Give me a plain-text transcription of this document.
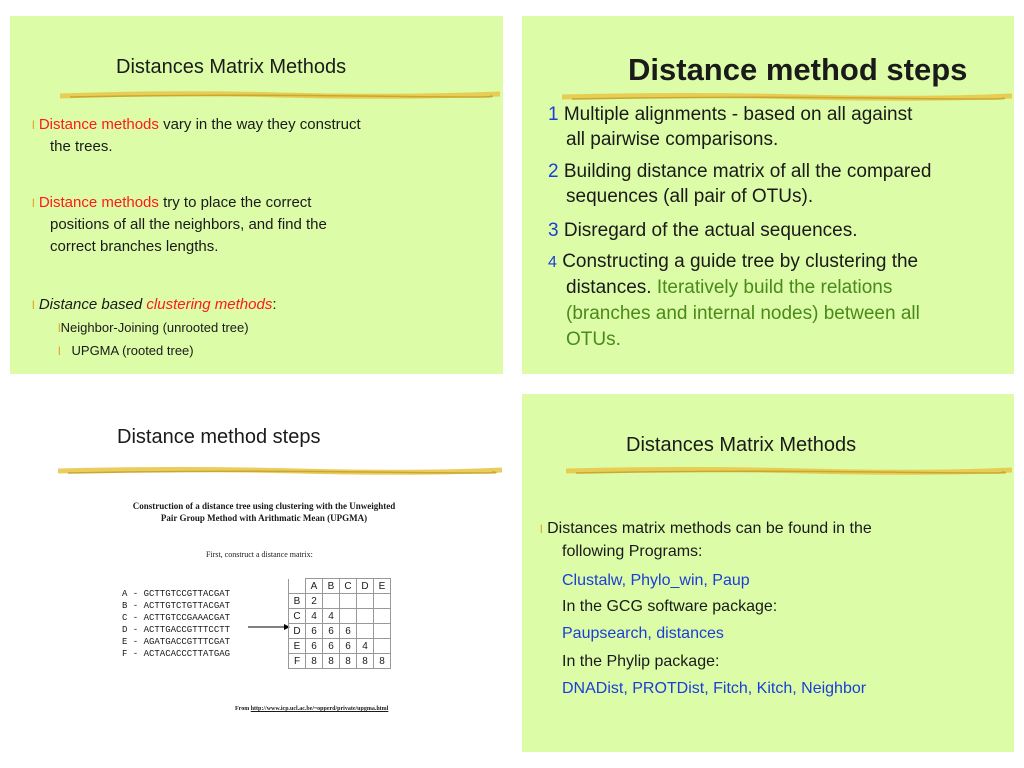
Distances Matrix Methods
l Distance methods vary in the way they construct
the trees.
l Distance methods try to place the correct
positions of all the neighbors, and find the
correct branches lengths.
l Distance based clustering methods:
lNeighbor-Joining (unrooted tree)
l UPGMA (rooted tree)
Distance method steps
1 Multiple alignments - based on all against
all pairwise comparisons.
2 Building distance matrix of all the compared
sequences (all pair of OTUs).
3 Disregard of the actual sequences.
4 Constructing a guide tree by clustering the
distances. Iteratively build the relations
(branches and internal nodes) between all
OTUs.
Distance method steps
Construction of a distance tree using clustering with the Unweighted
Pair Group Method with Arithmatic Mean (UPGMA)
First, construct a distance matrix:
A - GCTTGTCCGTTACGAT
B - ACTTGTCTGTTACGAT
C - ACTTGTCCGAAACGAT
D - ACTTGACCGTTTCCTT
E - AGATGACCGTTTCGAT
F - ACTACACCCTTATGAG
	A	B	C	D	E
B	2				
C	4	4			
D	6	6	6		
E	6	6	6	4	
F	8	8	8	8	8
From http://www.icp.ucl.ac.be/~opperd/private/upgma.html
Distances Matrix Methods
l Distances matrix methods can be found in the
following Programs:
Clustalw, Phylo_win, Paup
In the GCG software package:
Paupsearch, distances
In the Phylip package:
DNADist, PROTDist, Fitch, Kitch, Neighbor
